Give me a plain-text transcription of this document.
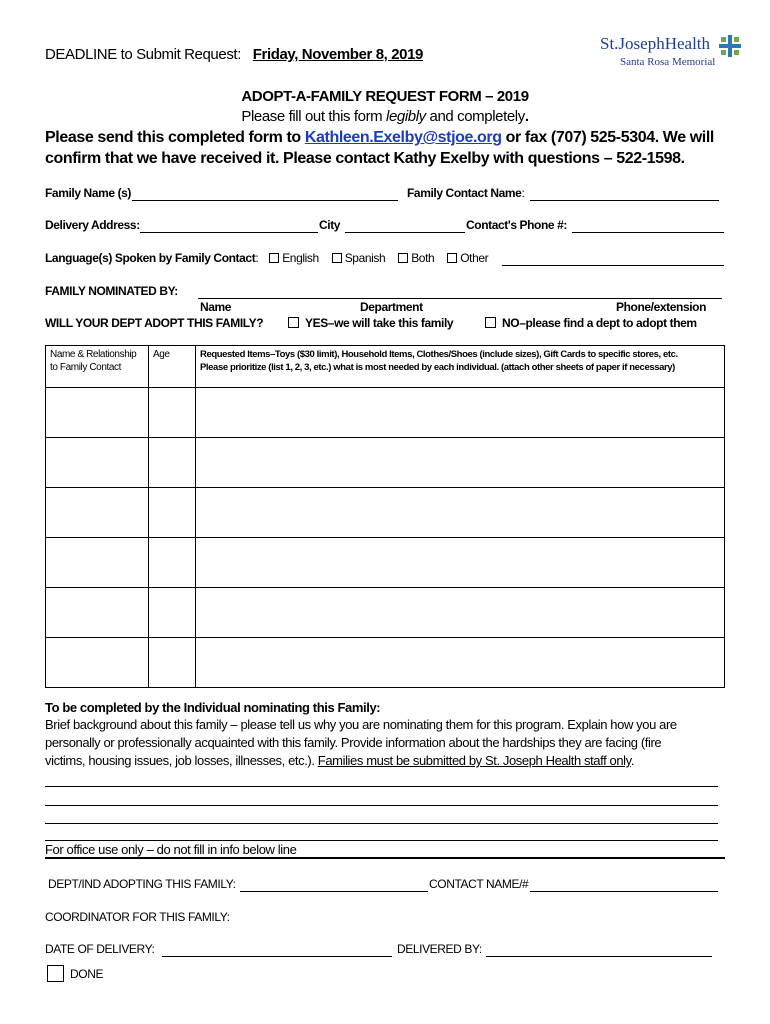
DEADLINE to Submit Request: Friday, November 8, 2019
St.JosephHealth
Santa Rosa Memorial
ADOPT-A-FAMILY REQUEST FORM – 2019
Please fill out this form legibly and completely.
Please send this completed form to Kathleen.Exelby@stjoe.org or fax (707) 525-5304. We will
confirm that we have received it. Please contact Kathy Exelby with questions – 522-1598.
Family Name (s)	Family Contact Name:
Delivery Address:	City	Contact's Phone #:
Language(s) Spoken by Family Contact: English Spanish Both Other
FAMILY NOMINATED BY:
Name	Department	Phone/extension
WILL YOUR DEPT ADOPT THIS FAMILY?	YES–we will take this family	NO–please find a dept to adopt them
Name & Relationship to Family Contact	Age	Requested Items–Toys ($30 limit), Household Items, Clothes/Shoes (include sizes), Gift Cards to specific stores, etc.
Please prioritize (list 1, 2, 3, etc.) what is most needed by each individual. (attach other sheets of paper if necessary)

To be completed by the Individual nominating this Family:
Brief background about this family – please tell us why you are nominating them for this program. Explain how you are
personally or professionally acquainted with this family. Provide information about the hardships they are facing (fire
victims, housing issues, job losses, illnesses, etc.). Families must be submitted by St. Joseph Health staff only.
For office use only – do not fill in info below line
DEPT/IND ADOPTING THIS FAMILY:	CONTACT NAME/#
COORDINATOR FOR THIS FAMILY:
DATE OF DELIVERY:	DELIVERED BY:
DONE
